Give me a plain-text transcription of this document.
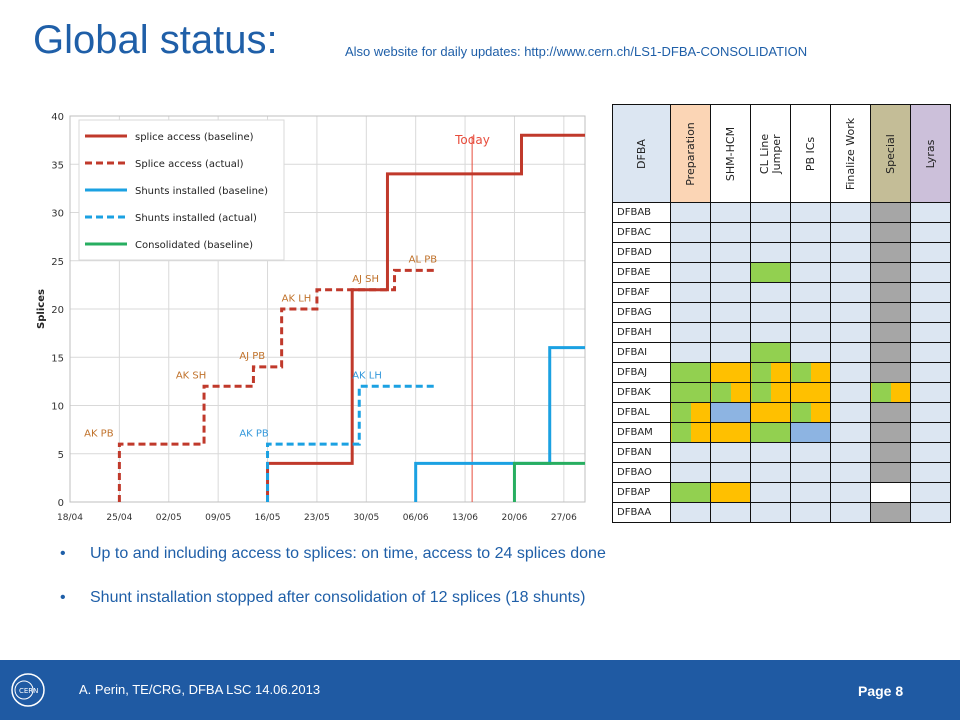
Global status:	Also website for daily updates: http://www.cern.ch/LS1-DFBA-CONSOLIDATION
0
5
10
15
20
25
30
35
40
18/04	25/04	02/05	09/05	16/05	23/05	30/05	06/06	13/06	20/06	27/06
Splices
Today
AK PB
AK SH
AJ PB
AK LH
AJ SH
AL PB
AK PB
AK LH
splice access (baseline)
Splice access (actual)
Shunts installed (baseline)
Shunts installed (actual)
Consolidated (baseline)
DFBA	Preparation	SHM-HCM	CL Line
Jumper	PB ICs	Finalize Work	Special	Lyras

DFBAB							
DFBAC							
DFBAD							
DFBAE							
DFBAF							
DFBAG							
DFBAH							
DFBAI							
DFBAJ							
DFBAK							
DFBAL							
DFBAM							
DFBAN							
DFBAO							
DFBAP							
DFBAA							
• Up to and including access to splices: on time, access to 24 splices done
• Shunt installation stopped after consolidation of 12 splices (18 shunts)
CERN	A. Perin, TE/CRG, DFBA LSC 14.06.2013	Page 8
